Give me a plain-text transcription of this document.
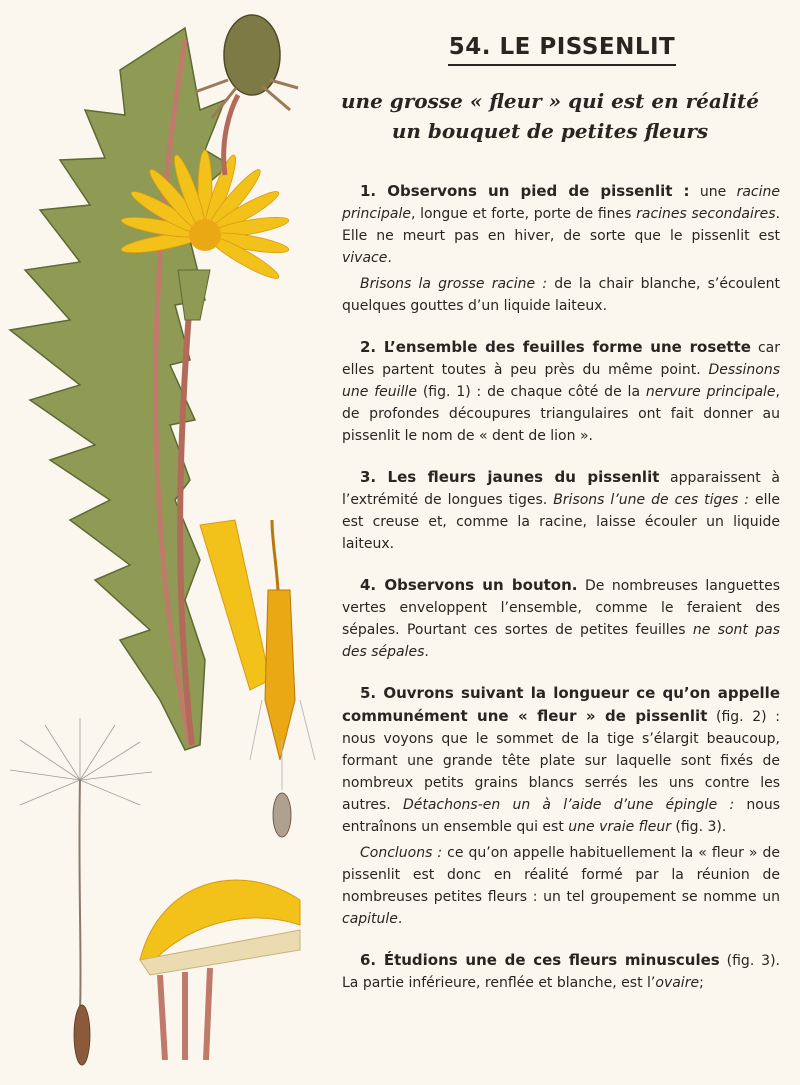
54. LE PISSENLIT
une grosse « fleur » qui est en réalité
un bouquet de petites fleurs

1. Observons un pied de pissenlit : une racine principale, longue et forte, porte de fines racines secondaires. Elle ne meurt pas en hiver, de sorte que le pissenlit est vivace.

Brisons la grosse racine : de la chair blanche, s’écoulent quelques gouttes d’un liquide laiteux.

2. L’ensemble des feuilles forme une rosette car elles partent toutes à peu près du même point. Dessinons une feuille (fig. 1) : de chaque côté de la nervure principale, de profondes découpures triangulaires ont fait donner au pissenlit le nom de « dent de lion ».

3. Les fleurs jaunes du pissenlit apparaissent à l’extrémité de longues tiges. Brisons l’une de ces tiges : elle est creuse et, comme la racine, laisse écouler un liquide laiteux.

4. Observons un bouton. De nombreuses languettes vertes enveloppent l’ensemble, comme le feraient des sépales. Pourtant ces sortes de petites feuilles ne sont pas des sépales.

5. Ouvrons suivant la longueur ce qu’on appelle communément une « fleur » de pissenlit (fig. 2) : nous voyons que le sommet de la tige s’élargit beaucoup, formant une grande tête plate sur laquelle sont fixés de nombreux petits grains blancs serrés les uns contre les autres. Détachons-en un à l’aide d’une épingle : nous entraînons un ensemble qui est une vraie fleur (fig. 3).

Concluons : ce qu’on appelle habituellement la « fleur » de pissenlit est donc en réalité formé par la réunion de nombreuses petites fleurs : un tel groupement se nomme un capitule.

6. Étudions une de ces fleurs minuscules (fig. 3). La partie inférieure, renflée et blanche, est l’ovaire;
